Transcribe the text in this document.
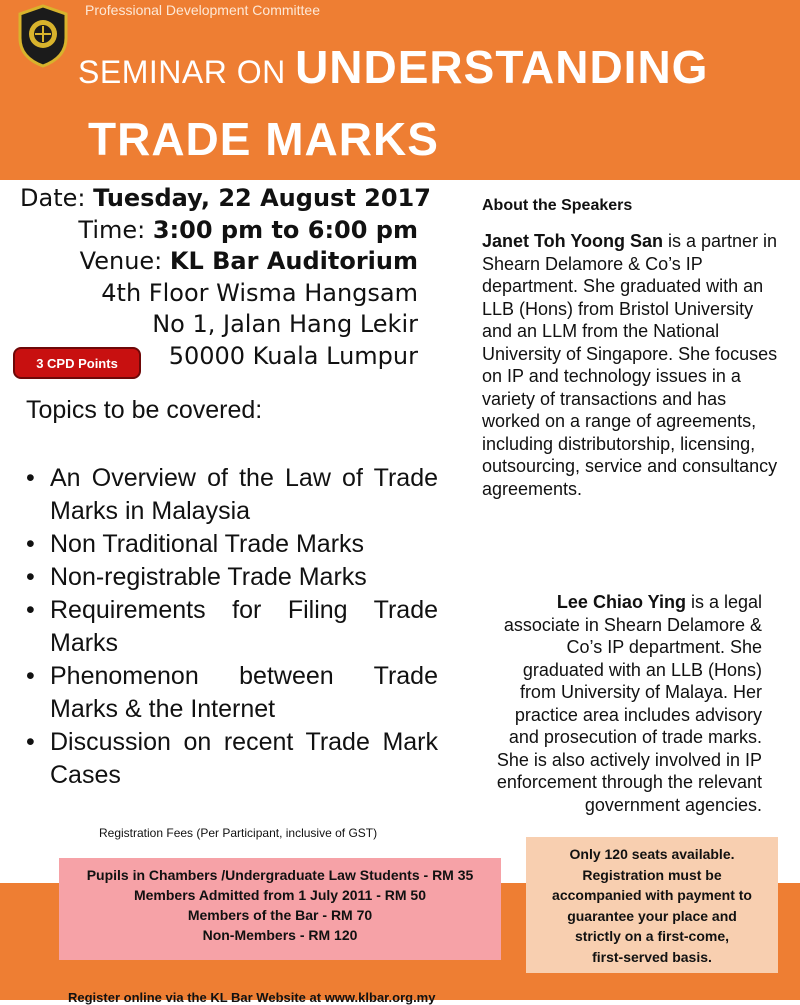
Professional Development Committee
SEMINAR ON UNDERSTANDING
TRADE MARKS
Date: Tuesday, 22 August 2017
Time: 3:00 pm to 6:00 pm
Venue: KL Bar Auditorium
4th Floor Wisma Hangsam
No 1, Jalan Hang Lekir
50000 Kuala Lumpur
3 CPD Points
Topics to be covered:
• An Overview of the Law of Trade Marks in Malaysia
• Non Traditional Trade Marks
• Non-registrable Trade Marks
• Requirements for Filing Trade Marks
• Phenomenon between Trade Marks & the Internet
• Discussion on recent Trade Mark Cases
About the Speakers
Janet Toh Yoong San is a partner in Shearn Delamore & Co’s IP department. She graduated with an LLB (Hons) from Bristol University and an LLM from the National University of Singapore. She focuses on IP and technology issues in a variety of transactions and has worked on a range of agreements, including distributorship, licensing, outsourcing, service and consultancy agreements.
Lee Chiao Ying is a legal associate in Shearn Delamore & Co’s IP department. She graduated with an LLB (Hons) from University of Malaya. Her practice area includes advisory and prosecution of trade marks. She is also actively involved in IP enforcement through the relevant government agencies.
Registration Fees (Per Participant, inclusive of GST)
Pupils in Chambers /Undergraduate Law Students - RM 35
Members Admitted from 1 July 2011 - RM 50
Members of the Bar - RM 70
Non-Members - RM 120
Only 120 seats available.
Registration must be
accompanied with payment to
guarantee your place and
strictly on a first-come,
first-served basis.
Register online via the KL Bar Website at www.klbar.org.my
